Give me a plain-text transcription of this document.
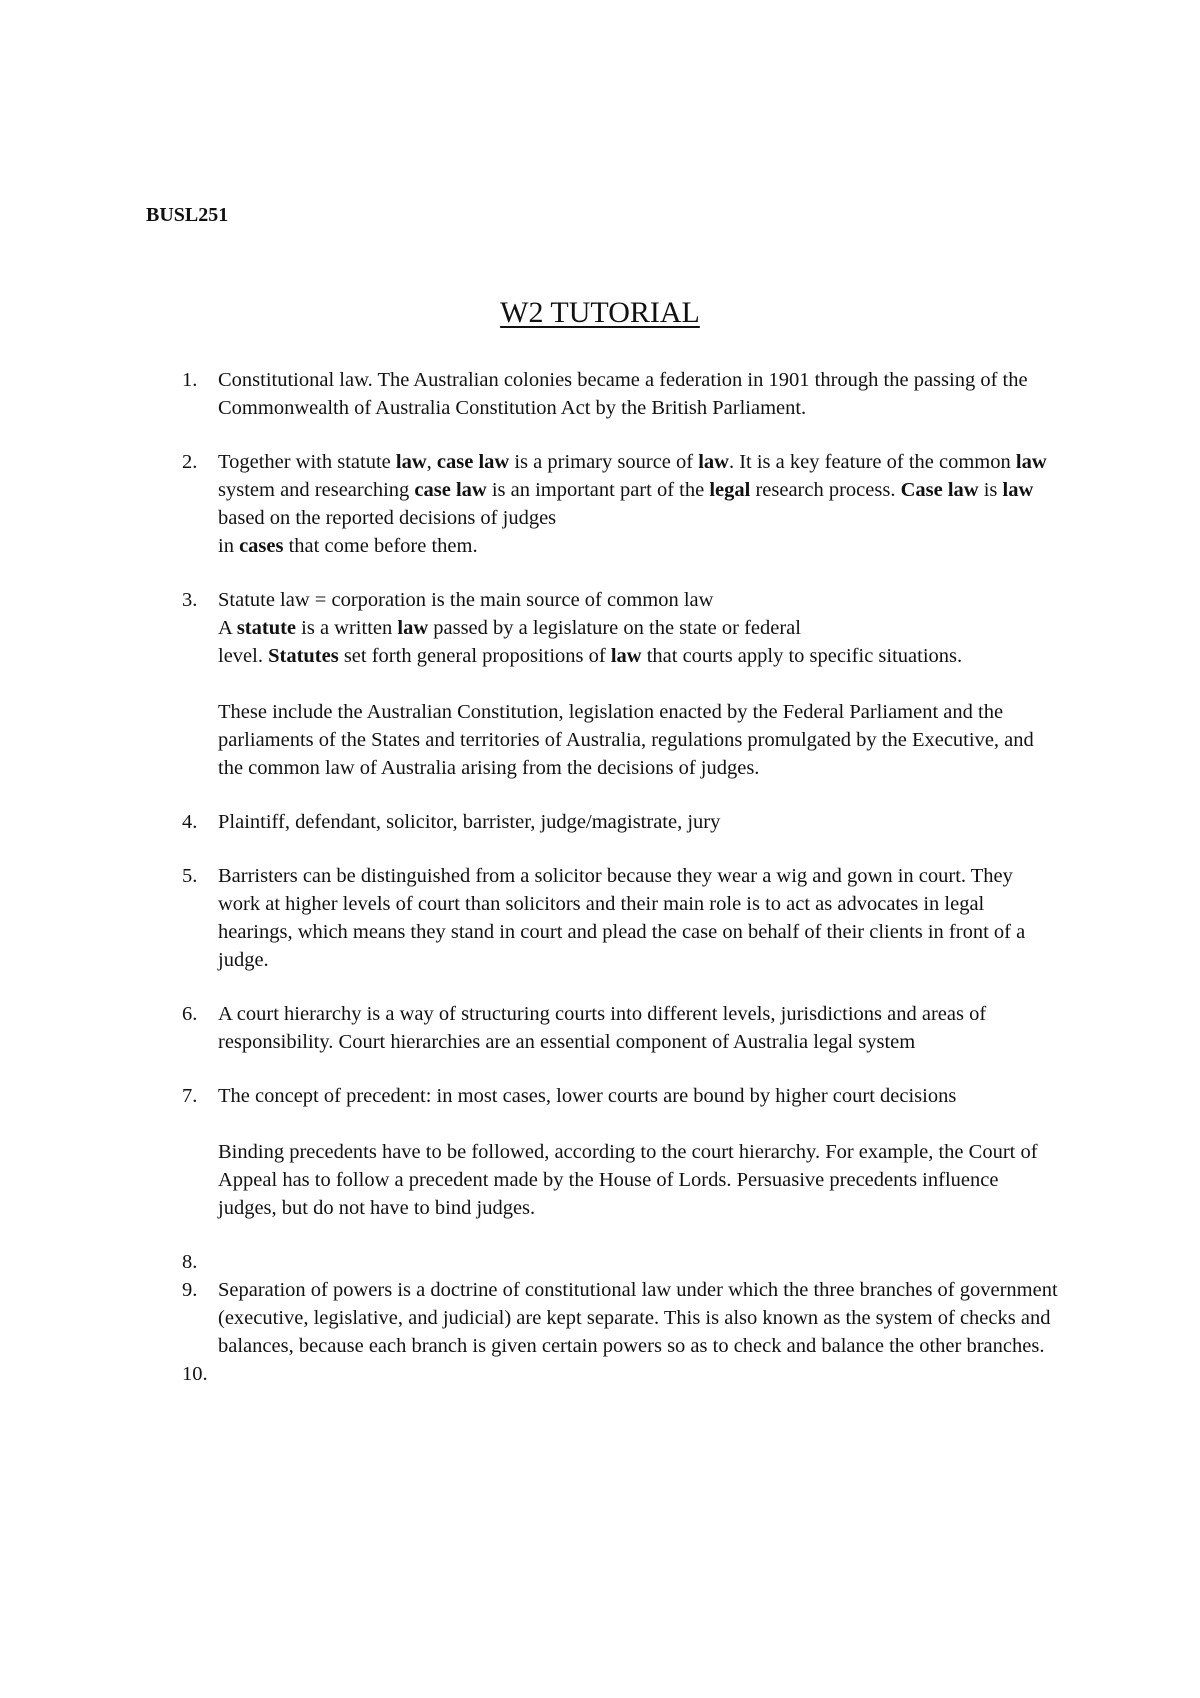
BUSL251

W2 TUTORIAL
1. Constitutional law. The Australian colonies became a federation in 1901 through the passing of the Commonwealth of Australia Constitution Act by the British Parliament.

2. Together with statute law, case law is a primary source of law. It is a key feature of the common law system and researching case law is an important part of the legal research process. Case law is law based on the reported decisions of judges
in cases that come before them.

3. Statute law = corporation is the main source of common law
A statute is a written law passed by a legislature on the state or federal
level. Statutes set forth general propositions of law that courts apply to specific situations.

These include the Australian Constitution, legislation enacted by the Federal Parliament and the parliaments of the States and territories of Australia, regulations promulgated by the Executive, and the common law of Australia arising from the decisions of judges.

4. Plaintiff, defendant, solicitor, barrister, judge/magistrate, jury

5. Barristers can be distinguished from a solicitor because they wear a wig and gown in court. They work at higher levels of court than solicitors and their main role is to act as advocates in legal hearings, which means they stand in court and plead the case on behalf of their clients in front of a judge.

6. A court hierarchy is a way of structuring courts into different levels, jurisdictions and areas of responsibility. Court hierarchies are an essential component of Australia legal system

7. The concept of precedent: in most cases, lower courts are bound by higher court decisions

Binding precedents have to be followed, according to the court hierarchy. For example, the Court of Appeal has to follow a precedent made by the House of Lords. Persuasive precedents influence judges, but do not have to bind judges.

8.

9. Separation of powers is a doctrine of constitutional law under which the three branches of government (executive, legislative, and judicial) are kept separate. This is also known as the system of checks and balances, because each branch is given certain powers so as to check and balance the other branches.

10.
